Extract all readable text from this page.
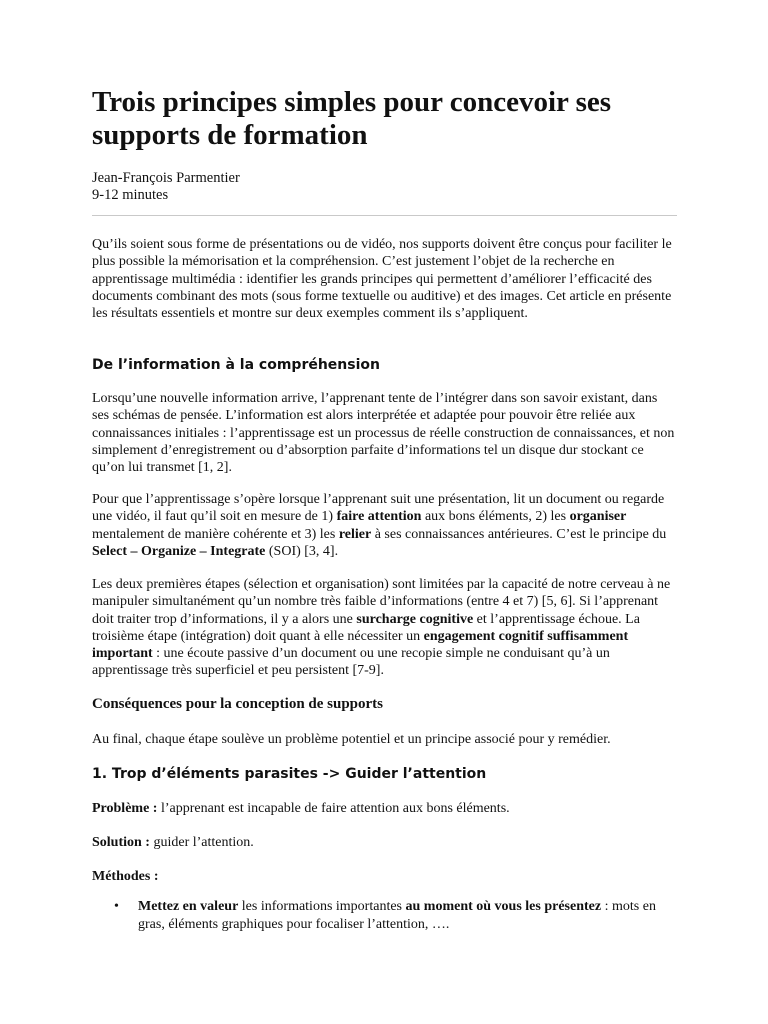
Trois principes simples pour concevoir ses supports de formation
Jean-François Parmentier
9-12 minutes

Qu’ils soient sous forme de présentations ou de vidéo, nos supports doivent être conçus pour faciliter le plus possible la mémorisation et la compréhension. C’est justement l’objet de la recherche en apprentissage multimédia : identifier les grands principes qui permettent d’améliorer l’efficacité des documents combinant des mots (sous forme textuelle ou auditive) et des images. Cet article en présente les résultats essentiels et montre sur deux exemples comment ils s’appliquent.

De l’information à la compréhension

Lorsqu’une nouvelle information arrive, l’apprenant tente de l’intégrer dans son savoir existant, dans ses schémas de pensée. L’information est alors interprétée et adaptée pour pouvoir être reliée aux connaissances initiales : l’apprentissage est un processus de réelle construction de connaissances, et non simplement d’enregistrement ou d’absorption parfaite d’informations tel un disque dur stockant ce qu’on lui transmet [1, 2].

Pour que l’apprentissage s’opère lorsque l’apprenant suit une présentation, lit un document ou regarde une vidéo, il faut qu’il soit en mesure de 1) faire attention aux bons éléments, 2) les organiser mentalement de manière cohérente et 3) les relier à ses connaissances antérieures. C’est le principe du Select – Organize – Integrate (SOI) [3, 4].

Les deux premières étapes (sélection et organisation) sont limitées par la capacité de notre cerveau à ne manipuler simultanément qu’un nombre très faible d’informations (entre 4 et 7) [5, 6]. Si l’apprenant doit traiter trop d’informations, il y a alors une surcharge cognitive et l’apprentissage échoue. La troisième étape (intégration) doit quant à elle nécessiter un engagement cognitif suffisamment important : une écoute passive d’un document ou une recopie simple ne conduisant qu’à un apprentissage très superficiel et peu persistent [7-9].

Conséquences pour la conception de supports

Au final, chaque étape soulève un problème potentiel et un principe associé pour y remédier.

1. Trop d’éléments parasites -> Guider l’attention

Problème : l’apprenant est incapable de faire attention aux bons éléments.

Solution : guider l’attention.

Méthodes :

• Mettez en valeur les informations importantes au moment où vous les présentez : mots en gras, éléments graphiques pour focaliser l’attention, ….
